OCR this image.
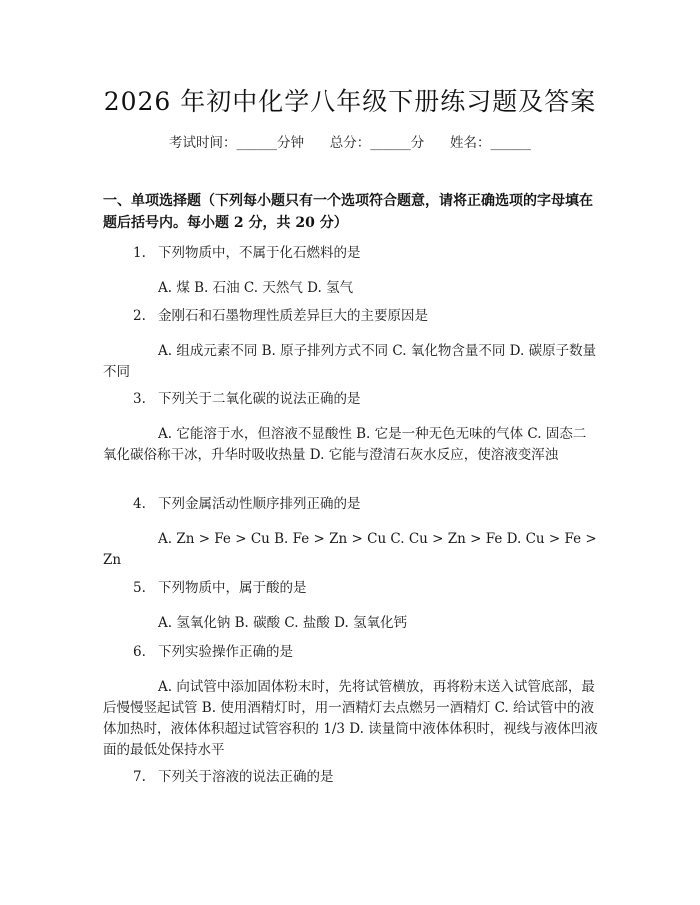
2026 年初中化学八年级下册练习题及答案
考试时间：______分钟      总分：______分      姓名：______
一、单项选择题（下列每小题只有一个选项符合题意，请将正确选项的字母填在题后括号内。每小题 2 分，共 20 分）
1. 下列物质中，不属于化石燃料的是
A. 煤 B. 石油 C. 天然气 D. 氢气
2. 金刚石和石墨物理性质差异巨大的主要原因是
A. 组成元素不同 B. 原子排列方式不同 C. 氧化物含量不同 D. 碳原子数量不同
3. 下列关于二氧化碳的说法正确的是
A. 它能溶于水，但溶液不显酸性 B. 它是一种无色无味的气体 C. 固态二氧化碳俗称干冰，升华时吸收热量 D. 它能与澄清石灰水反应，使溶液变浑浊
4. 下列金属活动性顺序排列正确的是
A. Zn > Fe > Cu B. Fe > Zn > Cu C. Cu > Zn > Fe D. Cu > Fe > Zn
5. 下列物质中，属于酸的是
A. 氢氧化钠 B. 碳酸 C. 盐酸 D. 氢氧化钙
6. 下列实验操作正确的是
A. 向试管中添加固体粉末时，先将试管横放，再将粉末送入试管底部，最后慢慢竖起试管 B. 使用酒精灯时，用一酒精灯去点燃另一酒精灯 C. 给试管中的液体加热时，液体体积超过试管容积的 1/3 D. 读量筒中液体体积时，视线与液体凹液面的最低处保持水平
7. 下列关于溶液的说法正确的是
